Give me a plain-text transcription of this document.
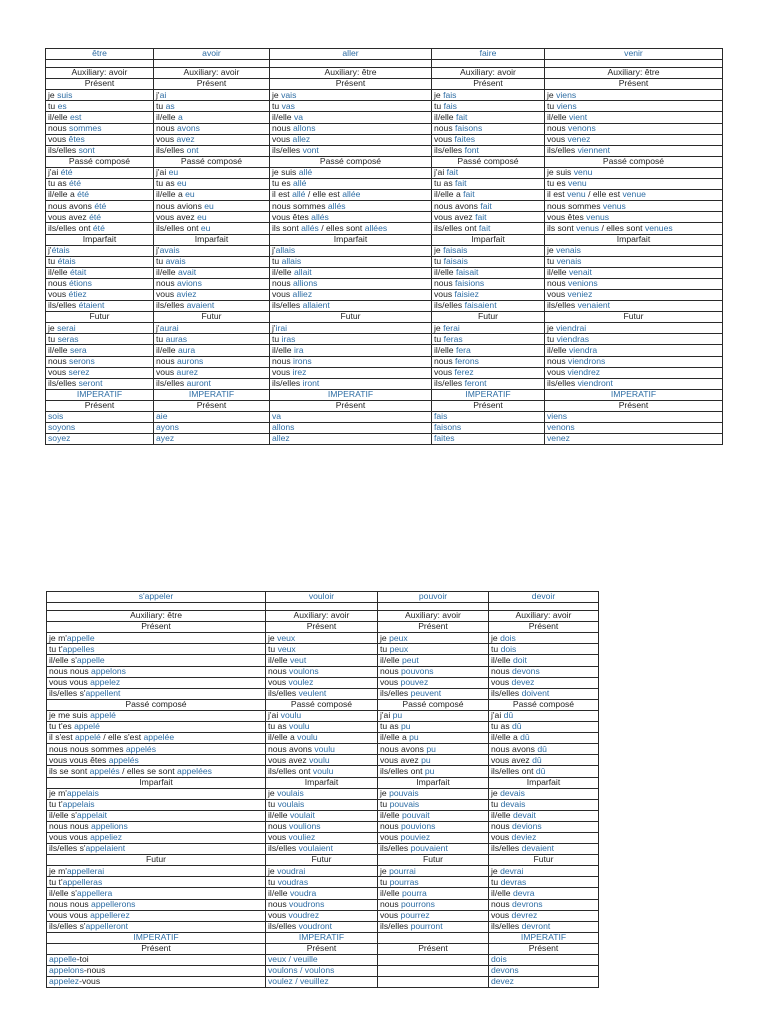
être	avoir	aller	faire	venir

Auxiliary: avoir	Auxiliary: avoir	Auxiliary: être	Auxiliary: avoir	Auxiliary: être
Présent	Présent	Présent	Présent	Présent
je suis	j'ai	je vais	je fais	je viens
tu es	tu as	tu vas	tu fais	tu viens
il/elle est	il/elle a	il/elle va	il/elle fait	il/elle vient
nous sommes	nous avons	nous allons	nous faisons	nous venons
vous êtes	vous avez	vous allez	vous faites	vous venez
ils/elles sont	ils/elles ont	ils/elles vont	ils/elles font	ils/elles viennent
Passé composé	Passé composé	Passé composé	Passé composé	Passé composé
j'ai été	j'ai eu	je suis allé	j'ai fait	je suis venu
tu as été	tu as eu	tu es allé	tu as fait	tu es venu
il/elle a été	il/elle a eu	il est allé / elle est allée	il/elle a fait	il est venu / elle est venue
nous avons été	nous avions eu	nous sommes allés	nous avons fait	nous sommes venus
vous avez été	vous avez eu	vous êtes allés	vous avez fait	vous êtes venus
ils/elles ont été	ils/elles ont eu	ils sont allés / elles sont allées	ils/elles ont fait	ils sont venus / elles sont venues
Imparfait	Imparfait	Imparfait	Imparfait	Imparfait
j'étais	j'avais	j'allais	je faisais	je venais
tu étais	tu avais	tu allais	tu faisais	tu venais
il/elle était	il/elle avait	il/elle allait	il/elle faisait	il/elle venait
nous étions	nous avions	nous allions	nous faisions	nous venions
vous étiez	vous aviez	vous alliez	vous faisiez	vous veniez
ils/elles étaient	ils/elles avaient	ils/elles allaient	ils/elles faisaient	ils/elles venaient
Futur	Futur	Futur	Futur	Futur
je serai	j'aurai	j'irai	je ferai	je viendrai
tu seras	tu auras	tu iras	tu feras	tu viendras
il/elle sera	il/elle aura	il/elle ira	il/elle fera	il/elle viendra
nous serons	nous aurons	nous irons	nous ferons	nous viendrons
vous serez	vous aurez	vous irez	vous ferez	vous viendrez
ils/elles seront	ils/elles auront	ils/elles iront	ils/elles feront	ils/elles viendront
IMPERATIF	IMPERATIF	IMPERATIF	IMPERATIF	IMPERATIF
Présent	Présent	Présent	Présent	Présent
sois	aie	va	fais	viens
soyons	ayons	allons	faisons	venons
soyez	ayez	allez	faites	venez
s'appeler	vouloir	pouvoir	devoir

Auxiliary: être	Auxiliary: avoir	Auxiliary: avoir	Auxiliary: avoir
Présent	Présent	Présent	Présent
je m'appelle	je veux	je peux	je dois
tu t'appelles	tu veux	tu peux	tu dois
il/elle s'appelle	il/elle veut	il/elle peut	il/elle doit
nous nous appelons	nous voulons	nous pouvons	nous devons
vous vous appelez	vous voulez	vous pouvez	vous devez
ils/elles s'appellent	ils/elles veulent	ils/elles peuvent	ils/elles doivent
Passé composé	Passé composé	Passé composé	Passé composé
je me suis appelé	j'ai voulu	j'ai pu	j'ai dû
tu t'es appelé	tu as voulu	tu as pu	tu as dû
il s'est appelé / elle s'est appelée	il/elle a voulu	il/elle a pu	il/elle a dû
nous nous sommes appelés	nous avons voulu	nous avons pu	nous avons dû
vous vous êtes appelés	vous avez voulu	vous avez pu	vous avez dû
ils se sont appelés / elles se sont appelées	ils/elles ont voulu	ils/elles ont pu	ils/elles ont dû
Imparfait	Imparfait	Imparfait	Imparfait
je m'appelais	je voulais	je pouvais	je devais
tu t'appelais	tu voulais	tu pouvais	tu devais
il/elle s'appelait	il/elle voulait	il/elle pouvait	il/elle devait
nous nous appelions	nous voulions	nous pouvions	nous devions
vous vous appeliez	vous vouliez	vous pouviez	vous deviez
ils/elles s'appelaient	ils/elles voulaient	ils/elles pouvaient	ils/elles devaient
Futur	Futur	Futur	Futur
je m'appellerai	je voudrai	je pourrai	je devrai
tu t'appelleras	tu voudras	tu pourras	tu devras
il/elle s'appellera	il/elle voudra	il/elle pourra	il/elle devra
nous nous appellerons	nous voudrons	nous pourrons	nous devrons
vous vous appellerez	vous voudrez	vous pourrez	vous devrez
ils/elles s'appelleront	ils/elles voudront	ils/elles pourront	ils/elles devront
IMPERATIF	IMPERATIF		IMPERATIF
Présent	Présent	Présent	Présent
appelle-toi	veux / veuille		dois
appelons-nous	voulons / voulons		devons
appelez-vous	voulez / veuillez		devez
